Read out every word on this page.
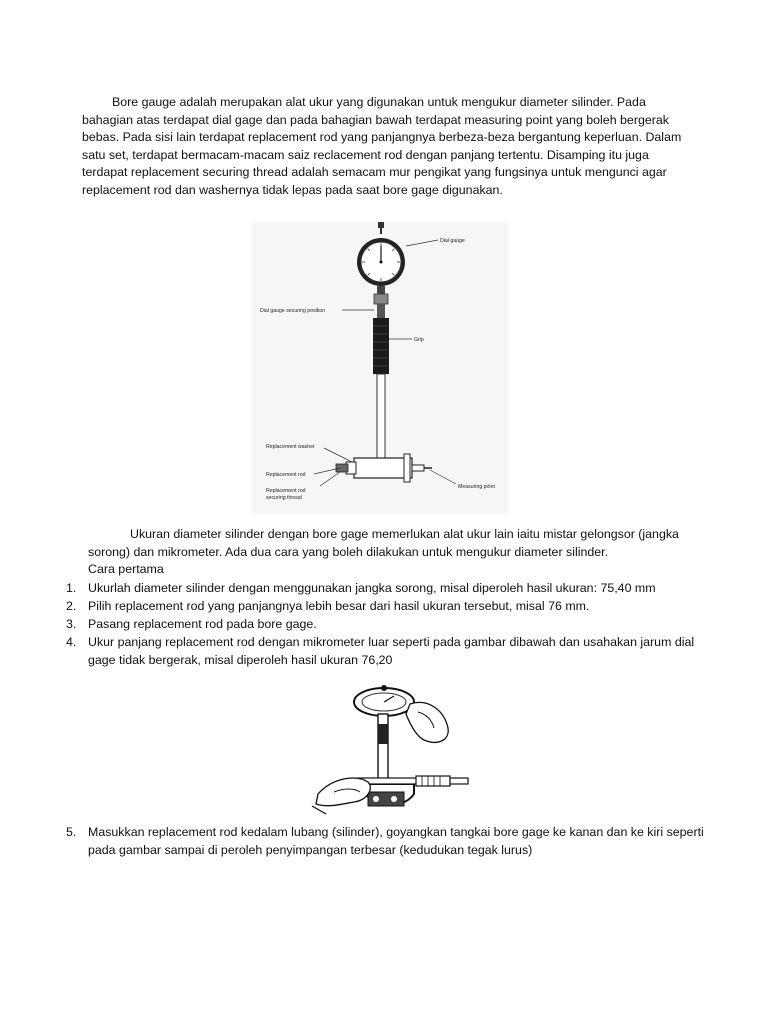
Bore gauge adalah merupakan alat ukur yang digunakan untuk mengukur diameter silinder. Pada bahagian atas terdapat dial gage dan pada bahagian bawah terdapat measuring point yang boleh bergerak bebas. Pada sisi lain terdapat replacement rod yang panjangnya berbeza-beza bergantung keperluan. Dalam satu set, terdapat bermacam-macam saiz reclacement rod dengan panjang tertentu. Disamping itu juga terdapat replacement securing thread adalah semacam mur pengikat yang fungsinya untuk mengunci agar replacement rod dan washernya tidak lepas pada saat bore gage digunakan.
Dial gauge
Dial gauge securing position
Grip
Replacement washer
Replacement rod
Replacement rod
securing thread
Measuring point
Ukuran diameter silinder dengan bore gage memerlukan alat ukur lain iaitu mistar gelongsor (jangka sorong) dan mikrometer. Ada dua cara yang boleh dilakukan untuk mengukur diameter silinder.
Cara pertama
1. Ukurlah diameter silinder dengan menggunakan jangka sorong, misal diperoleh hasil ukuran: 75,40 mm
2. Pilih replacement rod yang panjangnya lebih besar dari hasil ukuran tersebut, misal 76 mm.
3. Pasang replacement rod pada bore gage.
4. Ukur panjang replacement rod dengan mikrometer luar seperti pada gambar dibawah dan usahakan jarum dial gage tidak bergerak, misal diperoleh hasil ukuran 76,20
5. Masukkan replacement rod kedalam lubang (silinder), goyangkan tangkai bore gage ke kanan dan ke kiri seperti pada gambar sampai di peroleh penyimpangan terbesar (kedudukan tegak lurus)
